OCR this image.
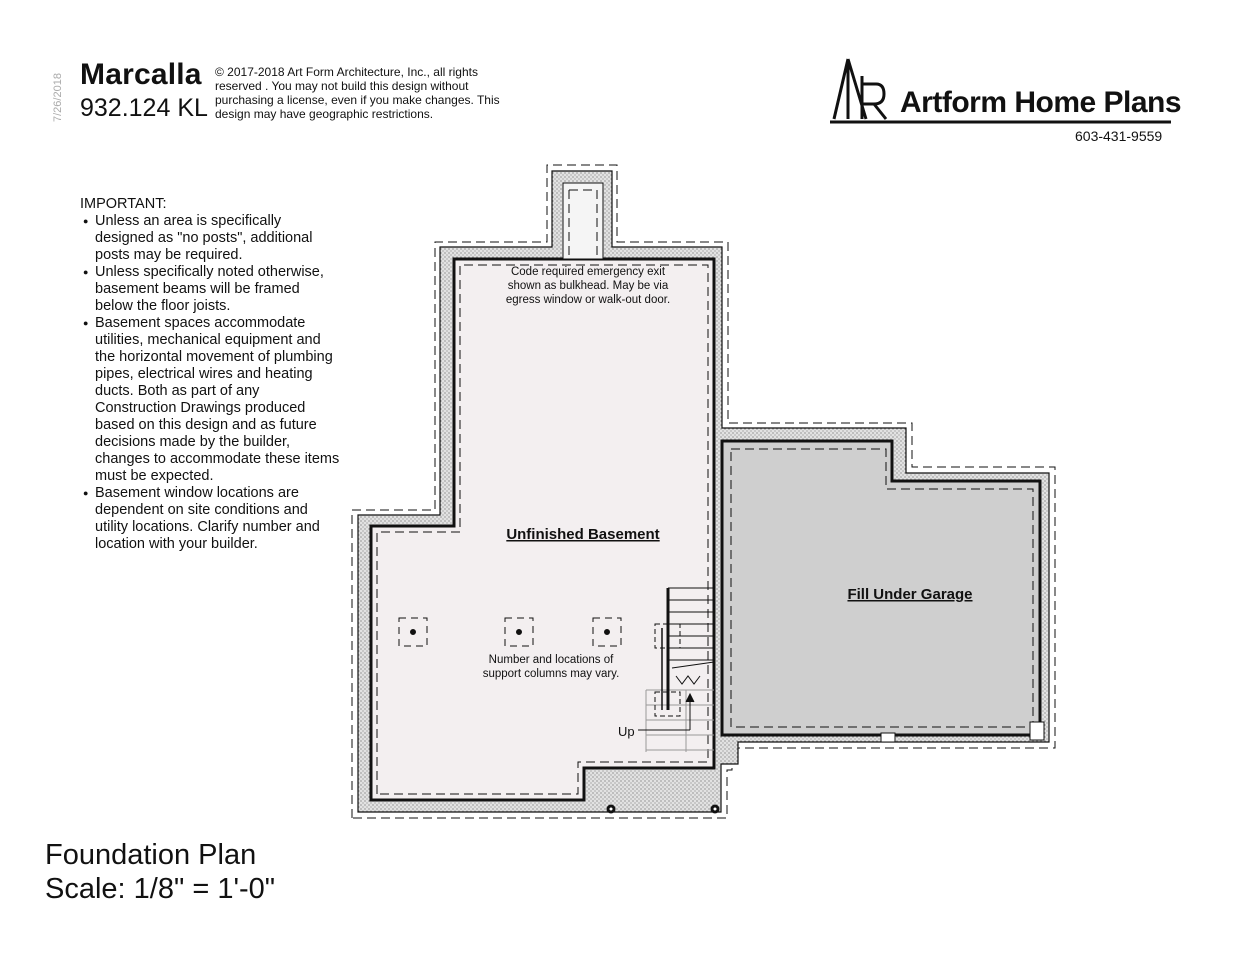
7/26/2018 Marcalla
932.124 KL
© 2017-2018 Art Form Architecture, Inc., all rights reserved . You may not build this design without purchasing a license, even if you make changes. This design may have geographic restrictions.	Artform Home Plans
603-431-9559
IMPORTANT:
● Unless an area is specifically designed as "no posts", additional posts may be required.
● Unless specifically noted otherwise, basement beams will be framed below the floor joists.
● Basement spaces accommodate utilities, mechanical equipment and the horizontal movement of plumbing pipes, electrical wires and heating ducts. Both as part of any Construction Drawings produced based on this design and as future decisions made by the builder, changes to accommodate these items must be expected.
● Basement window locations are dependent on site conditions and utility locations. Clarify number and location with your builder.
Unfinished Basement
Fill Under Garage
Code required emergency exit
shown as bulkhead. May be via
egress window or walk-out door.
Number and locations of
support columns may vary.
Up
Foundation Plan
Scale: 1/8" = 1'-0"
